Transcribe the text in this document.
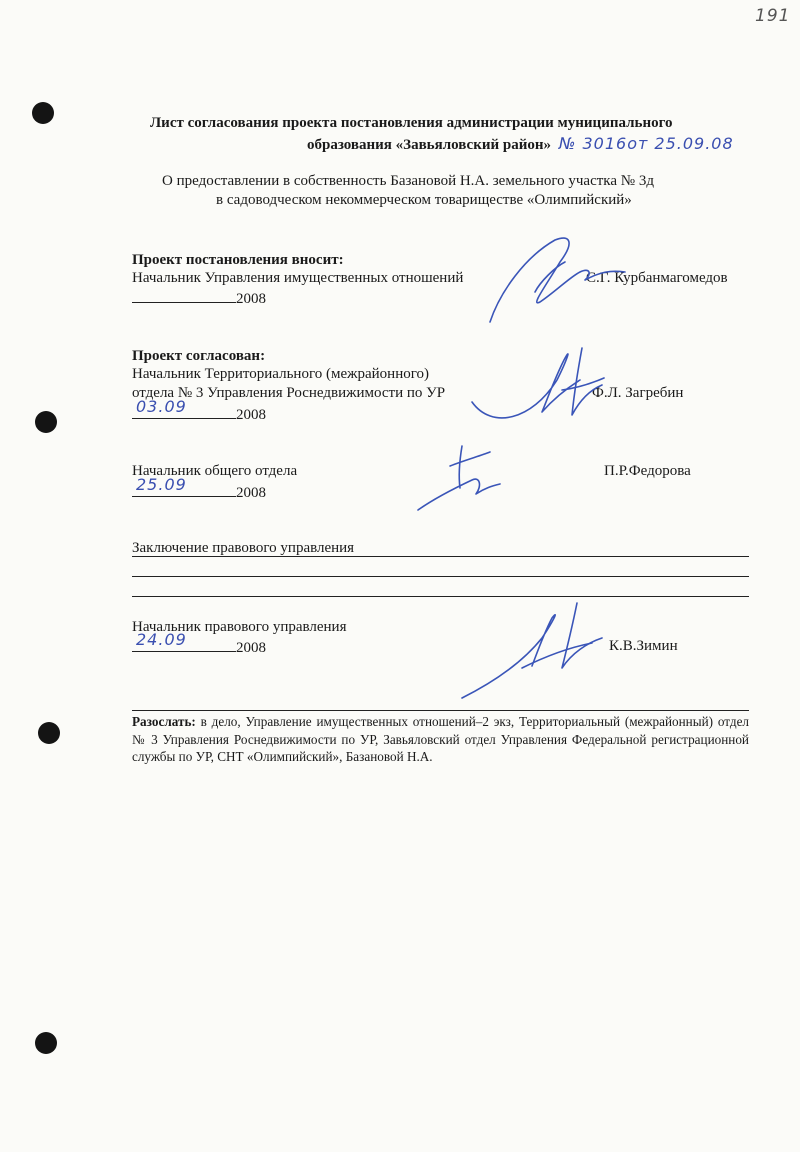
191
Лист согласования проекта постановления администрации муниципального
образования «Завьяловский район» № 3016от 25.09.08
О предоставлении в собственность Базановой Н.А. земельного участка № 3д
в садоводческом некоммерческом товариществе «Олимпийский»
Проект постановления вносит:
Начальник Управления имущественных отношений	С.Г. Курбанмагомедов
2008
Проект согласован:
Начальник Территориального (межрайонного)
отдела № 3 Управления Роснедвижимости по УР	Ф.Л. Загребин
03.09	2008
Начальник общего отдела	П.Р.Федорова
25.09	2008
Заключение правового управления
Начальник правового управления
К.В.Зимин
24.09	2008
Разослать: в дело, Управление имущественных отношений–2 экз, Территориальный (межрайонный) отдел № 3 Управления Роснедвижимости по УР, Завьяловский отдел Управления Федеральной регистрационной службы по УР, СНТ «Олимпийский», Базановой Н.А.
